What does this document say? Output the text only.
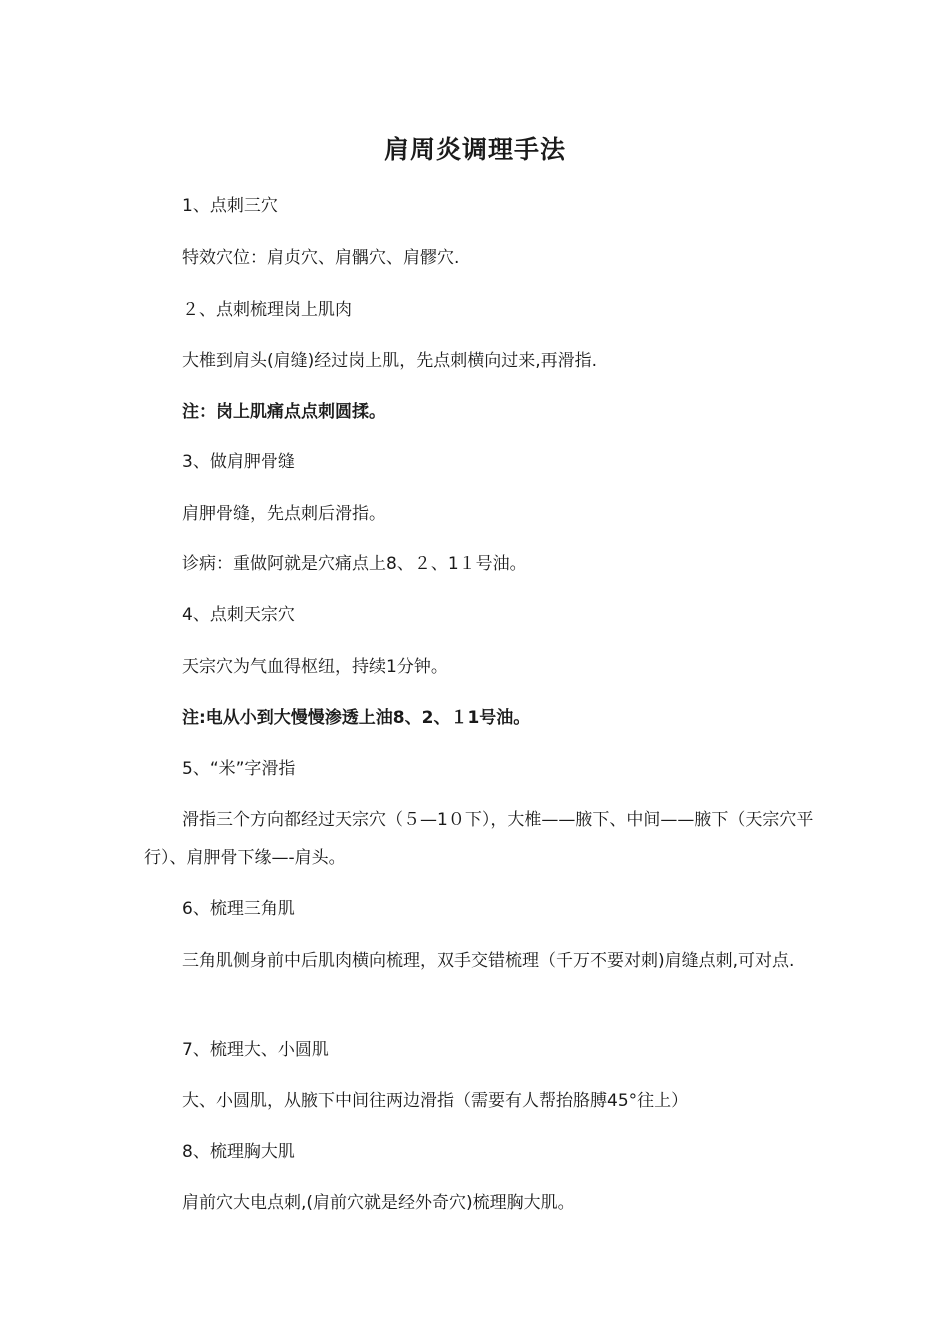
肩周炎调理手法
1、点刺三穴
特效穴位：肩贞穴、肩髃穴、肩髎穴.
２、点刺梳理岗上肌肉
大椎到肩头(肩缝)经过岗上肌，先点刺横向过来,再滑指.
注：岗上肌痛点点刺圆揉。
3、做肩胛骨缝
肩胛骨缝，先点刺后滑指。
诊病：重做阿就是穴痛点上8、２、1１号油。
4、点刺天宗穴
天宗穴为气血得枢纽，持续1分钟。
注:电从小到大慢慢渗透上油8、2、１1号油。
5、“米”字滑指
滑指三个方向都经过天宗穴（５—1０下），大椎——腋下、中间——腋下（天宗穴平行）、肩胛骨下缘—-肩头。
6、梳理三角肌
三角肌侧身前中后肌肉横向梳理，双手交错梳理（千万不要对刺)肩缝点刺,可对点.
7、梳理大、小圆肌
大、小圆肌，从腋下中间往两边滑指（需要有人帮抬胳膊45°往上）
8、梳理胸大肌
肩前穴大电点刺,(肩前穴就是经外奇穴)梳理胸大肌。
